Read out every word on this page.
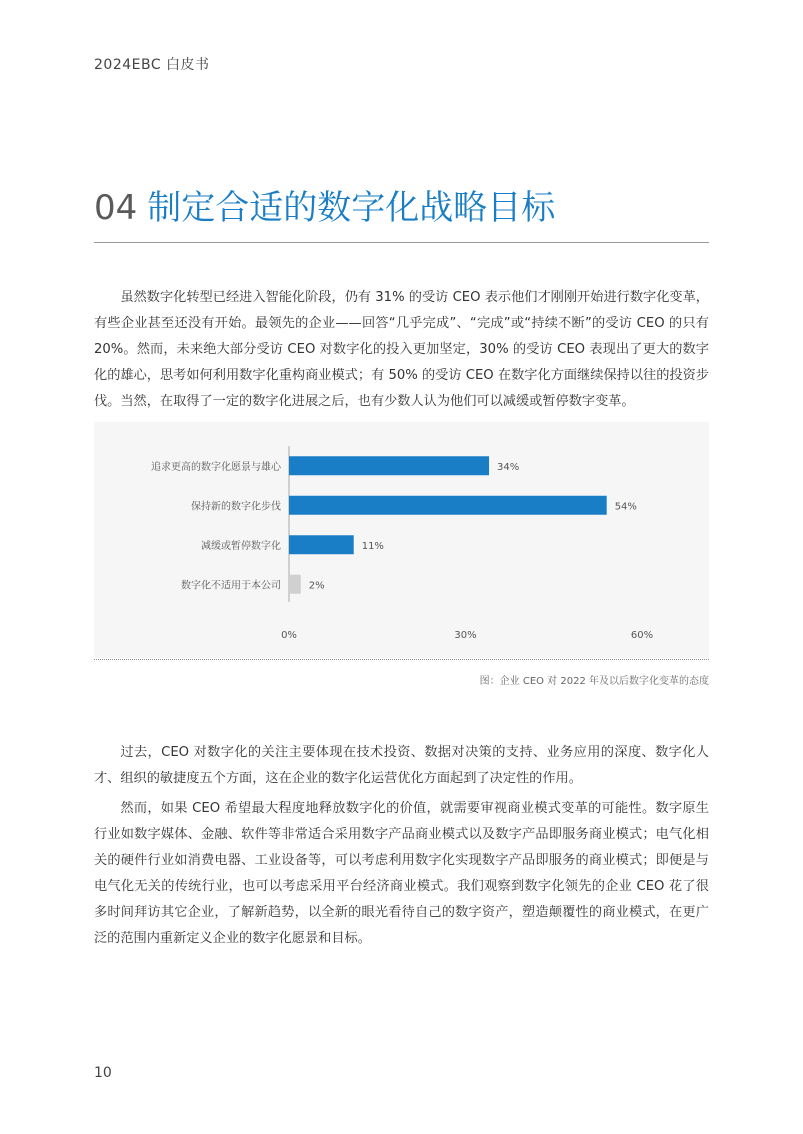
2024EBC 白皮书
04 制定合适的数字化战略目标

虽然数字化转型已经进入智能化阶段，仍有 31% 的受访 CEO 表示他们才刚刚开始进行数字化变革，有些企业甚至还没有开始。最领先的企业——回答“几乎完成”、“完成”或“持续不断”的受访 CEO 的只有 20%。然而，未来绝大部分受访 CEO 对数字化的投入更加坚定，30% 的受访 CEO 表现出了更大的数字化的雄心，思考如何利用数字化重构商业模式；有 50% 的受访 CEO 在数字化方面继续保持以往的投资步伐。当然，在取得了一定的数字化进展之后，也有少数人认为他们可以减缓或暂停数字变革。

追求更高的数字化愿景与雄心	34%
保持新的数字化步伐	54%
减缓或暂停数字化	11%
数字化不适用于本公司	2%
0%	30%	60%
图：企业 CEO 对 2022 年及以后数字化变革的态度

过去，CEO 对数字化的关注主要体现在技术投资、数据对决策的支持、业务应用的深度、数字化人才、组织的敏捷度五个方面，这在企业的数字化运营优化方面起到了决定性的作用。

然而，如果 CEO 希望最大程度地释放数字化的价值，就需要审视商业模式变革的可能性。数字原生行业如数字媒体、金融、软件等非常适合采用数字产品商业模式以及数字产品即服务商业模式；电气化相关的硬件行业如消费电器、工业设备等，可以考虑利用数字化实现数字产品即服务的商业模式；即便是与电气化无关的传统行业，也可以考虑采用平台经济商业模式。我们观察到数字化领先的企业 CEO 花了很多时间拜访其它企业，了解新趋势，以全新的眼光看待自己的数字资产，塑造颠覆性的商业模式，在更广泛的范围内重新定义企业的数字化愿景和目标。

10
